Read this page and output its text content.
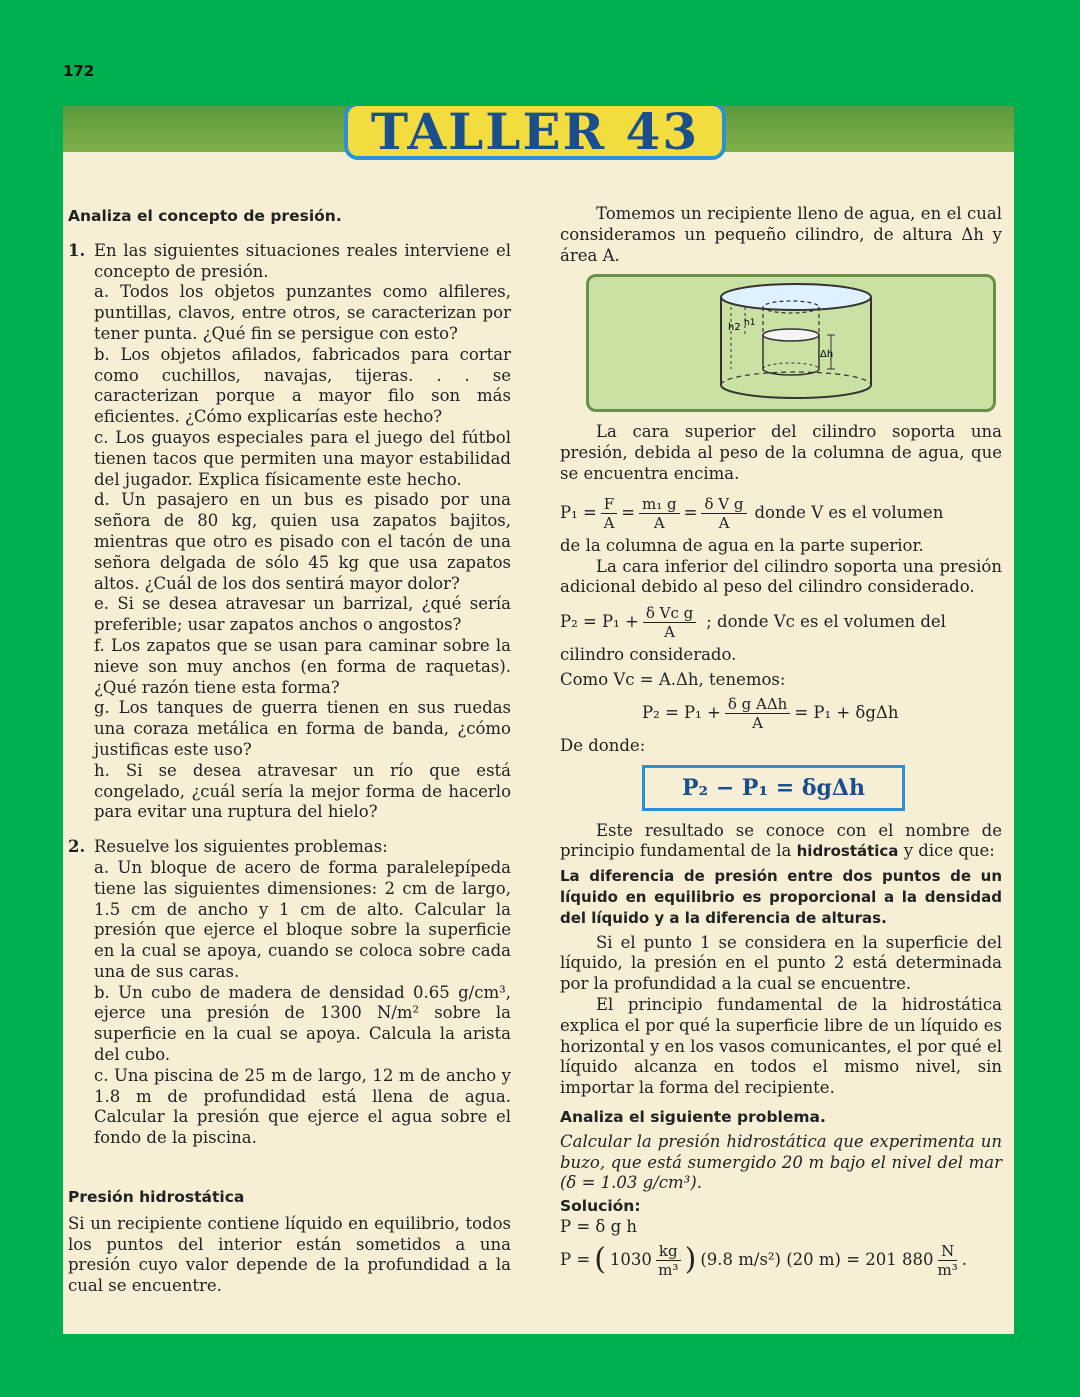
172
TALLER 43

Analiza el concepto de presión.

1. En las siguientes situaciones reales interviene el concepto de presión.

a. Todos los objetos punzantes como alfileres, puntillas, clavos, entre otros, se caracterizan por tener punta. ¿Qué fin se persigue con esto?

b. Los objetos afilados, fabricados para cortar como cuchillos, navajas, tijeras. . . se caracterizan porque a mayor filo son más eficientes. ¿Cómo explicarías este hecho?

c. Los guayos especiales para el juego del fútbol tienen tacos que permiten una mayor estabilidad del jugador. Explica físicamente este hecho.

d. Un pasajero en un bus es pisado por una señora de 80 kg, quien usa zapatos bajitos, mientras que otro es pisado con el tacón de una señora delgada de sólo 45 kg que usa zapatos altos. ¿Cuál de los dos sentirá mayor dolor?

e. Si se desea atravesar un barrizal, ¿qué sería preferible; usar zapatos anchos o angostos?

f. Los zapatos que se usan para caminar sobre la nieve son muy anchos (en forma de raquetas). ¿Qué razón tiene esta forma?

g. Los tanques de guerra tienen en sus ruedas una coraza metálica en forma de banda, ¿cómo justificas este uso?

h. Si se desea atravesar un río que está congelado, ¿cuál sería la mejor forma de hacerlo para evitar una ruptura del hielo?

2. Resuelve los siguientes problemas:

a. Un bloque de acero de forma paralelepípeda tiene las siguientes dimensiones: 2 cm de largo, 1.5 cm de ancho y 1 cm de alto. Calcular la presión que ejerce el bloque sobre la superficie en la cual se apoya, cuando se coloca sobre cada una de sus caras.

b. Un cubo de madera de densidad 0.65 g/cm³, ejerce una presión de 1300 N/m² sobre la superficie en la cual se apoya. Calcula la arista del cubo.

c. Una piscina de 25 m de largo, 12 m de ancho y 1.8 m de profundidad está llena de agua. Calcular la presión que ejerce el agua sobre el fondo de la piscina.

Presión hidrostática

Si un recipiente contiene líquido en equilibrio, todos los puntos del interior están sometidos a una presión cuyo valor depende de la profundidad a la cual se encuentre.

Tomemos un recipiente lleno de agua, en el cual consideramos un pequeño cilindro, de altura Δh y área A.

h2 h1
Δh

La cara superior del cilindro soporta una presión, debida al peso de la columna de agua, que se encuentra encima.

$P_1 = \frac{F}{A} = \frac{\text{m₁ g}}{A} = \frac{\text{δ V g}}{A}$ donde V es el volumen

de la columna de agua en la parte superior.

La cara inferior del cilindro soporta una presión adicional debido al peso del cilindro considerado.

$P_2 = P_1 + \frac{\text{δ Vc g}}{A}$ ; donde Vc es el volumen del

cilindro considerado.

Como Vc = A.Δh, tenemos:

$P_2 = P_1 + \frac{\text{δ g AΔh}}{A} = P_1 + \delta g\Delta h$

De donde:

P₂ − P₁ = δgΔh

Este resultado se conoce con el nombre de principio fundamental de la hidrostática y dice que:

La diferencia de presión entre dos puntos de un líquido en equilibrio es proporcional a la densidad del líquido y a la diferencia de alturas.

Si el punto 1 se considera en la superficie del líquido, la presión en el punto 2 está determinada por la profundidad a la cual se encuentre.

El principio fundamental de la hidrostática explica el por qué la superficie libre de un líquido es horizontal y en los vasos comunicantes, el por qué el líquido alcanza en todos el mismo nivel, sin importar la forma del recipiente.

Analiza el siguiente problema.

Calcular la presión hidrostática que experimenta un buzo, que está sumergido 20 m bajo el nivel del mar (δ = 1.03 g/cm³).

Solución:

P = δ g h

P = ( $1030 \frac{kg}{\text{m³}}$ ) (9.8 m/s²) (20 m) = 201 $880 \frac{N}{\text{m³}}$ .
